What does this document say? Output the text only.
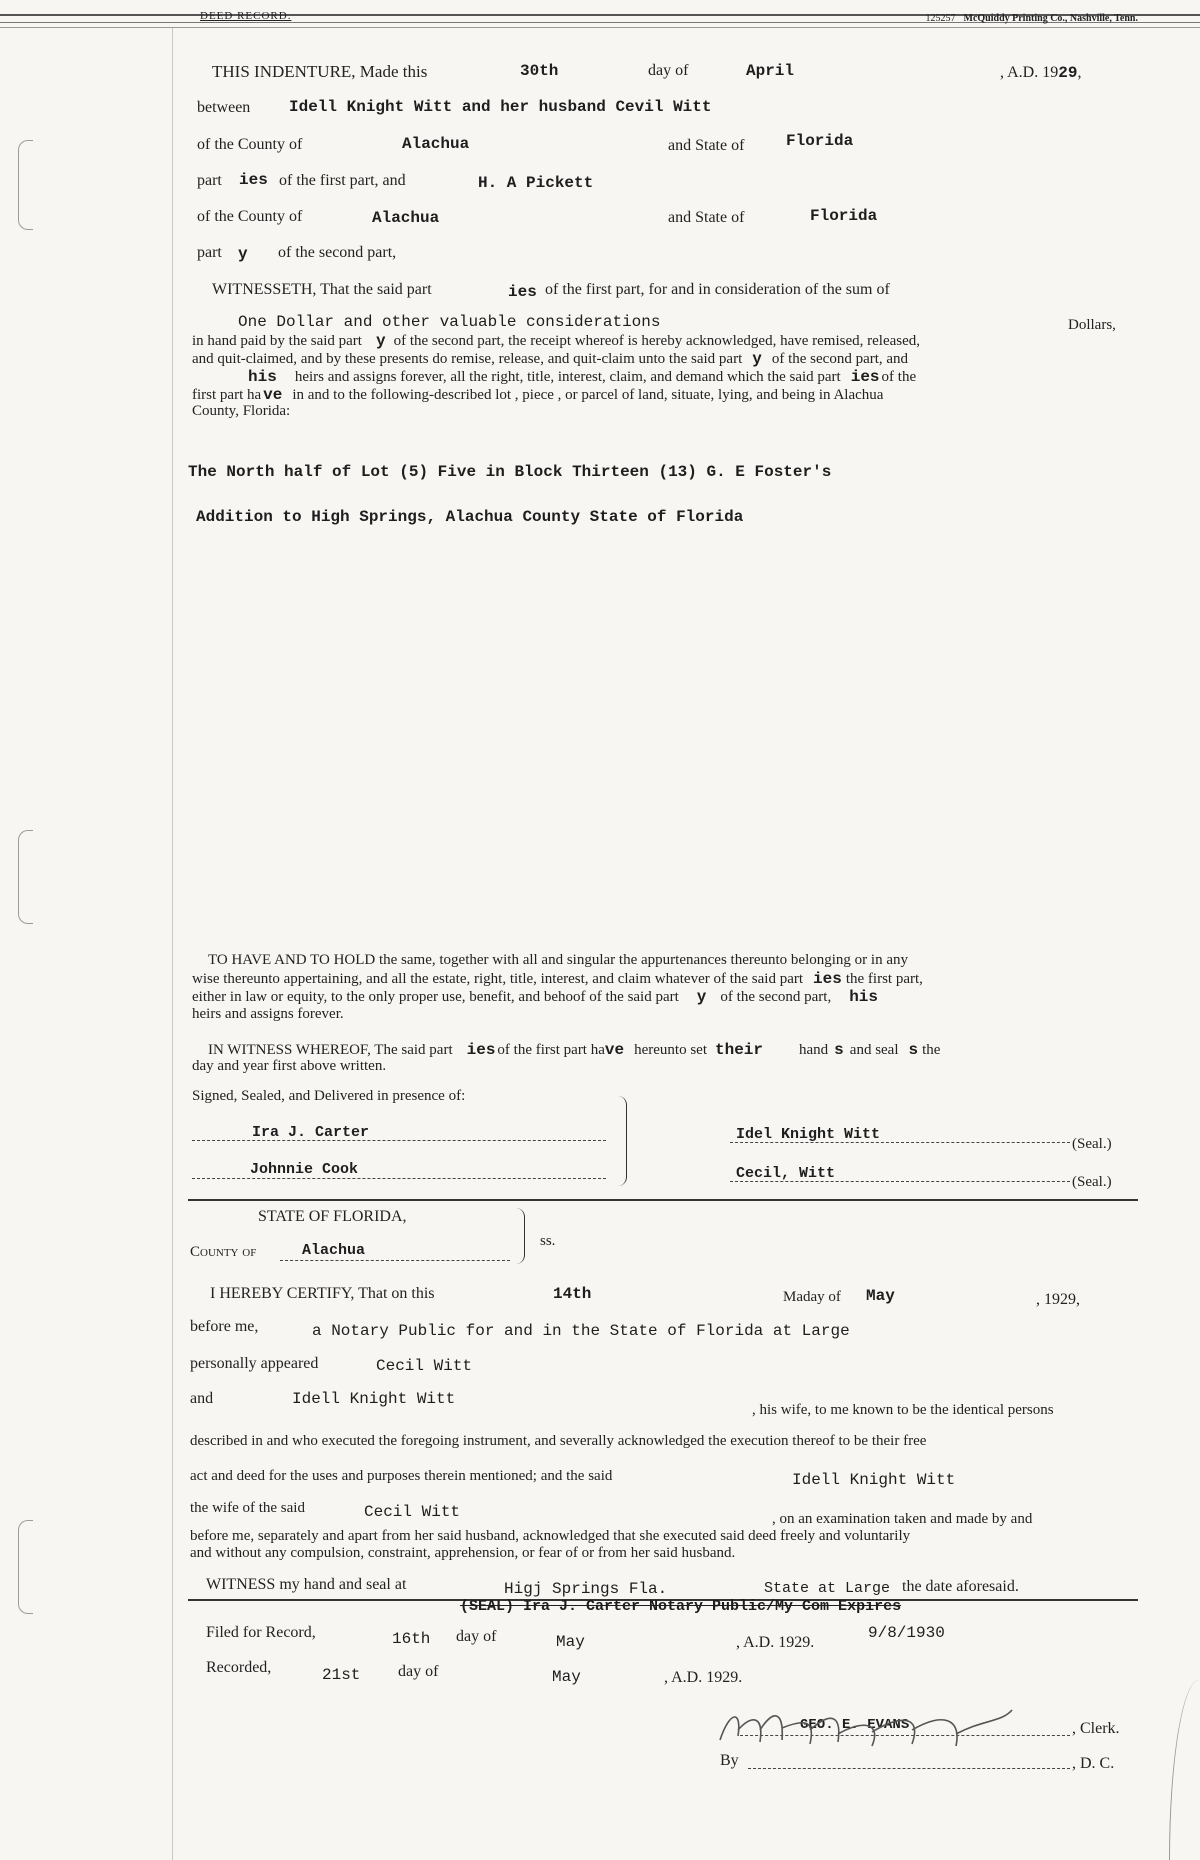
DEED RECORD.	125257 McQuiddy Printing Co., Nashville, Tenn.
THIS INDENTURE, Made this	30th	day of	April	, A.D. 1929,
between Idell Knight Witt and her husband Cevil Witt
of the County of	Alachua	and State of	Florida
part ies of the first part, and	H. A Pickett
of the County of	Alachua	and State of	Florida
part y of the second part,
WITNESSETH, That the said part	ies of the first part, for and in consideration of the sum of
One Dollar and other valuable considerations	Dollars,
in hand paid by the said part y of the second part, the receipt whereof is hereby acknowledged, have remised, released,
and quit-claimed, and by these presents do remise, release, and quit-claim unto the said part y of the second part, and
his heirs and assigns forever, all the right, title, interest, claim, and demand which the said part ies of the
first part ha ve in and to the following-described lot , piece , or parcel of land, situate, lying, and being in Alachua
County, Florida:
The North half of Lot (5) Five in Block Thirteen (13) G. E Foster's
Addition to High Springs, Alachua County State of Florida
TO HAVE AND TO HOLD the same, together with all and singular the appurtenances thereunto belonging or in any
wise thereunto appertaining, and all the estate, right, title, interest, and claim whatever of the said part ies the first part,
either in law or equity, to the only proper use, benefit, and behoof of the said part y of the second part, his
heirs and assigns forever.
IN WITNESS WHEREOF, The said part ies of the first part have hereunto set their hand s and seal s the
day and year first above written.
Signed, Sealed, and Delivered in presence of:
Ira J. Carter
Johnnie Cook
Idel Knight Witt
(Seal.)
Cecil, Witt	(Seal.)
STATE OF FLORIDA,
ss.
County of	Alachua
I HEREBY CERTIFY, That on this	14th	Maday of May	, 1929,
before me,	a Notary Public for and in the State of Florida at Large
personally appeared	Cecil Witt
and	Idell Knight Witt
, his wife, to me known to be the identical persons
described in and who executed the foregoing instrument, and severally acknowledged the execution thereof to be their free
act and deed for the uses and purposes therein mentioned; and the said	Idell Knight Witt
the wife of the said	Cecil Witt	, on an examination taken and made by and
before me, separately and apart from her said husband, acknowledged that she executed said deed freely and voluntarily
and without any compulsion, constraint, apprehension, or fear of or from her said husband.
WITNESS my hand and seal at	Higj Springs Fla.	State at Large the date aforesaid.
(SEAL) Ira J. Carter Notary Public/My Com Expires
Filed for Record,	16th day of	May	, A.D. 1929.
9/8/1930
Recorded,	21st day of	May	, A.D. 1929.
GEO. E. EVANS	, Clerk.
By	, D. C.
